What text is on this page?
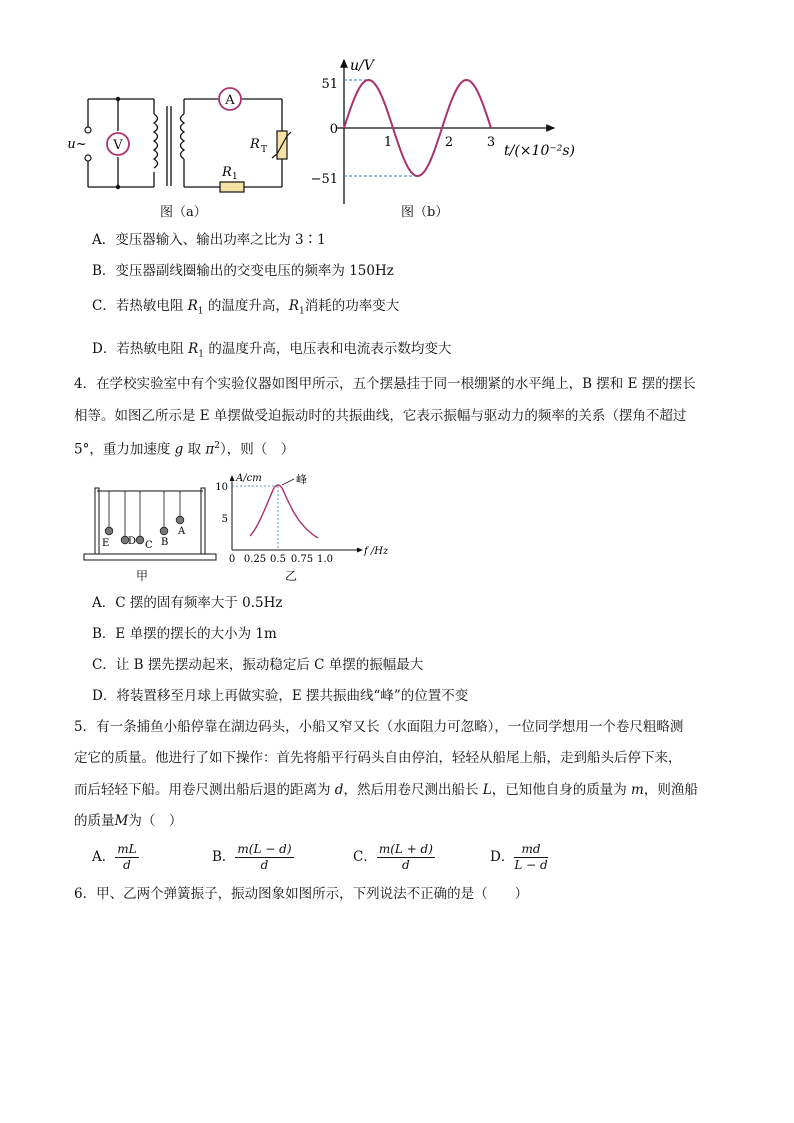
V
A
R T
R 1
u~
图（a）
u/V
51
0
−51
1	2	3
t/(×10⁻²s)
图（b）
A．变压器输入、输出功率之比为 3∶1
B．变压器副线圈输出的交变电压的频率为 150Hz
C．若热敏电阻 $R_1$ 的温度升高，$R_1$消耗的功率变大
D．若热敏电阻 $R_1$ 的温度升高，电压表和电流表示数均变大
4．在学校实验室中有个实验仪器如图甲所示，五个摆悬挂于同一根绷紧的水平绳上，B 摆和 E 摆的摆长
相等。如图乙所示是 E 单摆做受迫振动时的共振曲线，它表示振幅与驱动力的频率的关系（摆角不超过
5°，重力加速度 g 取 $\pi^2$），则（　）
E D C B
A
甲
峰
A/cm
10
5
0 0.25 0.5 0.75 1.0
f /Hz
乙
A．C 摆的固有频率大于 0.5Hz
B．E 单摆的摆长的大小为 1m
C．让 B 摆先摆动起来，振动稳定后 C 单摆的振幅最大
D．将装置移至月球上再做实验，E 摆共振曲线“峰”的位置不变
5．有一条捕鱼小船停靠在湖边码头，小船又窄又长（水面阻力可忽略），一位同学想用一个卷尺粗略测
定它的质量。他进行了如下操作：首先将船平行码头自由停泊，轻轻从船尾上船，走到船头后停下来，
而后轻轻下船。用卷尺测出船后退的距离为 d，然后用卷尺测出船长 L，已知他自身的质量为 m，则渔船
的质量M为（　）
A． $\frac{mL}{d}$	B． $\frac{m(L - d)}{d}$	C． $\frac{m(L + d)}{d}$	D． $\frac{md}{L - d}$
6．甲、乙两个弹簧振子，振动图象如图所示，下列说法不正确的是（　　）
